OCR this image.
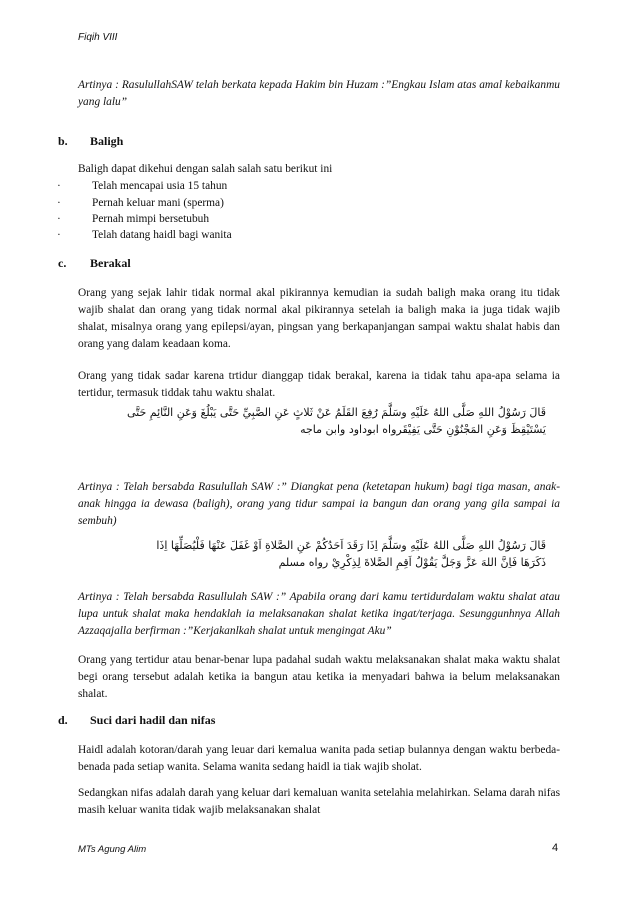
Fiqih VIII
Artinya : RasulullahSAW telah berkata kepada Hakim bin Huzam :”Engkau Islam atas amal kebaikanmu yang lalu”
b. Baligh
Baligh dapat dikehui dengan salah salah satu berikut ini
·	Telah mencapai usia 15 tahun
·	Pernah keluar mani (sperma)
·	Pernah mimpi bersetubuh
·	Telah datang haidl bagi wanita
c. Berakal
Orang yang sejak lahir tidak normal akal pikirannya kemudian ia sudah baligh maka orang itu tidak wajib shalat dan orang yang tidak normal akal pikirannya setelah ia baligh maka ia juga tidak wajib shalat, misalnya orang yang epilepsi/ayan, pingsan yang berkapanjangan sampai waktu shalat habis dan orang yang dalam keadaan koma.
Orang yang tidak sadar karena trtidur dianggap tidak berakal, karena ia tidak tahu apa-apa selama ia tertidur, termasuk tiddak tahu waktu shalat.
قَالَ رَسُوْلُ اللهِ صَلَّى اللهُ عَلَيْهِ وسَلَّمَ رُفِعَ القَلَمُ عَنْ ثَلاثٍ عَنِ الصَّبِيِّ حَتَّى يَبْلُغَ وَعَنِ النَّائِمِ حَتَّى
يَسْتَيْقِظَ وَعَنِ المَجْنُوْنِ حَتَّى يَفِيْقَرواه ابوداود وابن ماجه
Artinya : Telah bersabda Rasulullah SAW :” Diangkat pena (ketetapan hukum) bagi tiga masan, anak-anak hingga ia dewasa (baligh), orang yang tidur sampai ia bangun dan orang yang gila sampai ia sembuh)
قَالَ رَسُوْلُ اللهِ صَلَّى اللهُ عَلَيْهِ وسَلَّمَ اِذَا رَقَدَ اَحَدُكُمْ عَنِ الصَّلاةِ اَوْ غَفَلَ عَنْهَا فَلْيُصَلِّهَا اِذَا
ذَكَرَهَا فَاِنَّ اللهَ عَزَّ وَجَلَّ يَقُوْلُ اَقِمِ الصَّلاةَ لِذِكْرِيْ رواه مسلم
Artinya : Telah bersabda Rasullulah SAW :” Apabila orang dari kamu tertidurdalam waktu shalat atau lupa untuk shalat maka hendaklah ia melaksanakan shalat ketika ingat/terjaga. Sesunggunhnya Allah Azzaqajalla berfirman :”Kerjakanlkah shalat untuk mengingat Aku”
Orang yang tertidur atau benar-benar lupa padahal sudah waktu melaksanakan shalat maka waktu shalat begi orang tersebut adalah ketika ia bangun atau ketika ia menyadari bahwa ia belum melaksanakan shalat.
d. Suci dari hadil dan nifas
Haidl adalah kotoran/darah yang leuar dari kemalua wanita pada setiap bulannya dengan waktu berbeda-benada pada setiap wanita. Selama wanita sedang haidl ia tiak wajib sholat.
Sedangkan nifas adalah darah yang keluar dari kemaluan wanita setelahia melahirkan. Selama darah nifas masih keluar wanita tidak wajib melaksanakan shalat
MTs Agung Alim	4
